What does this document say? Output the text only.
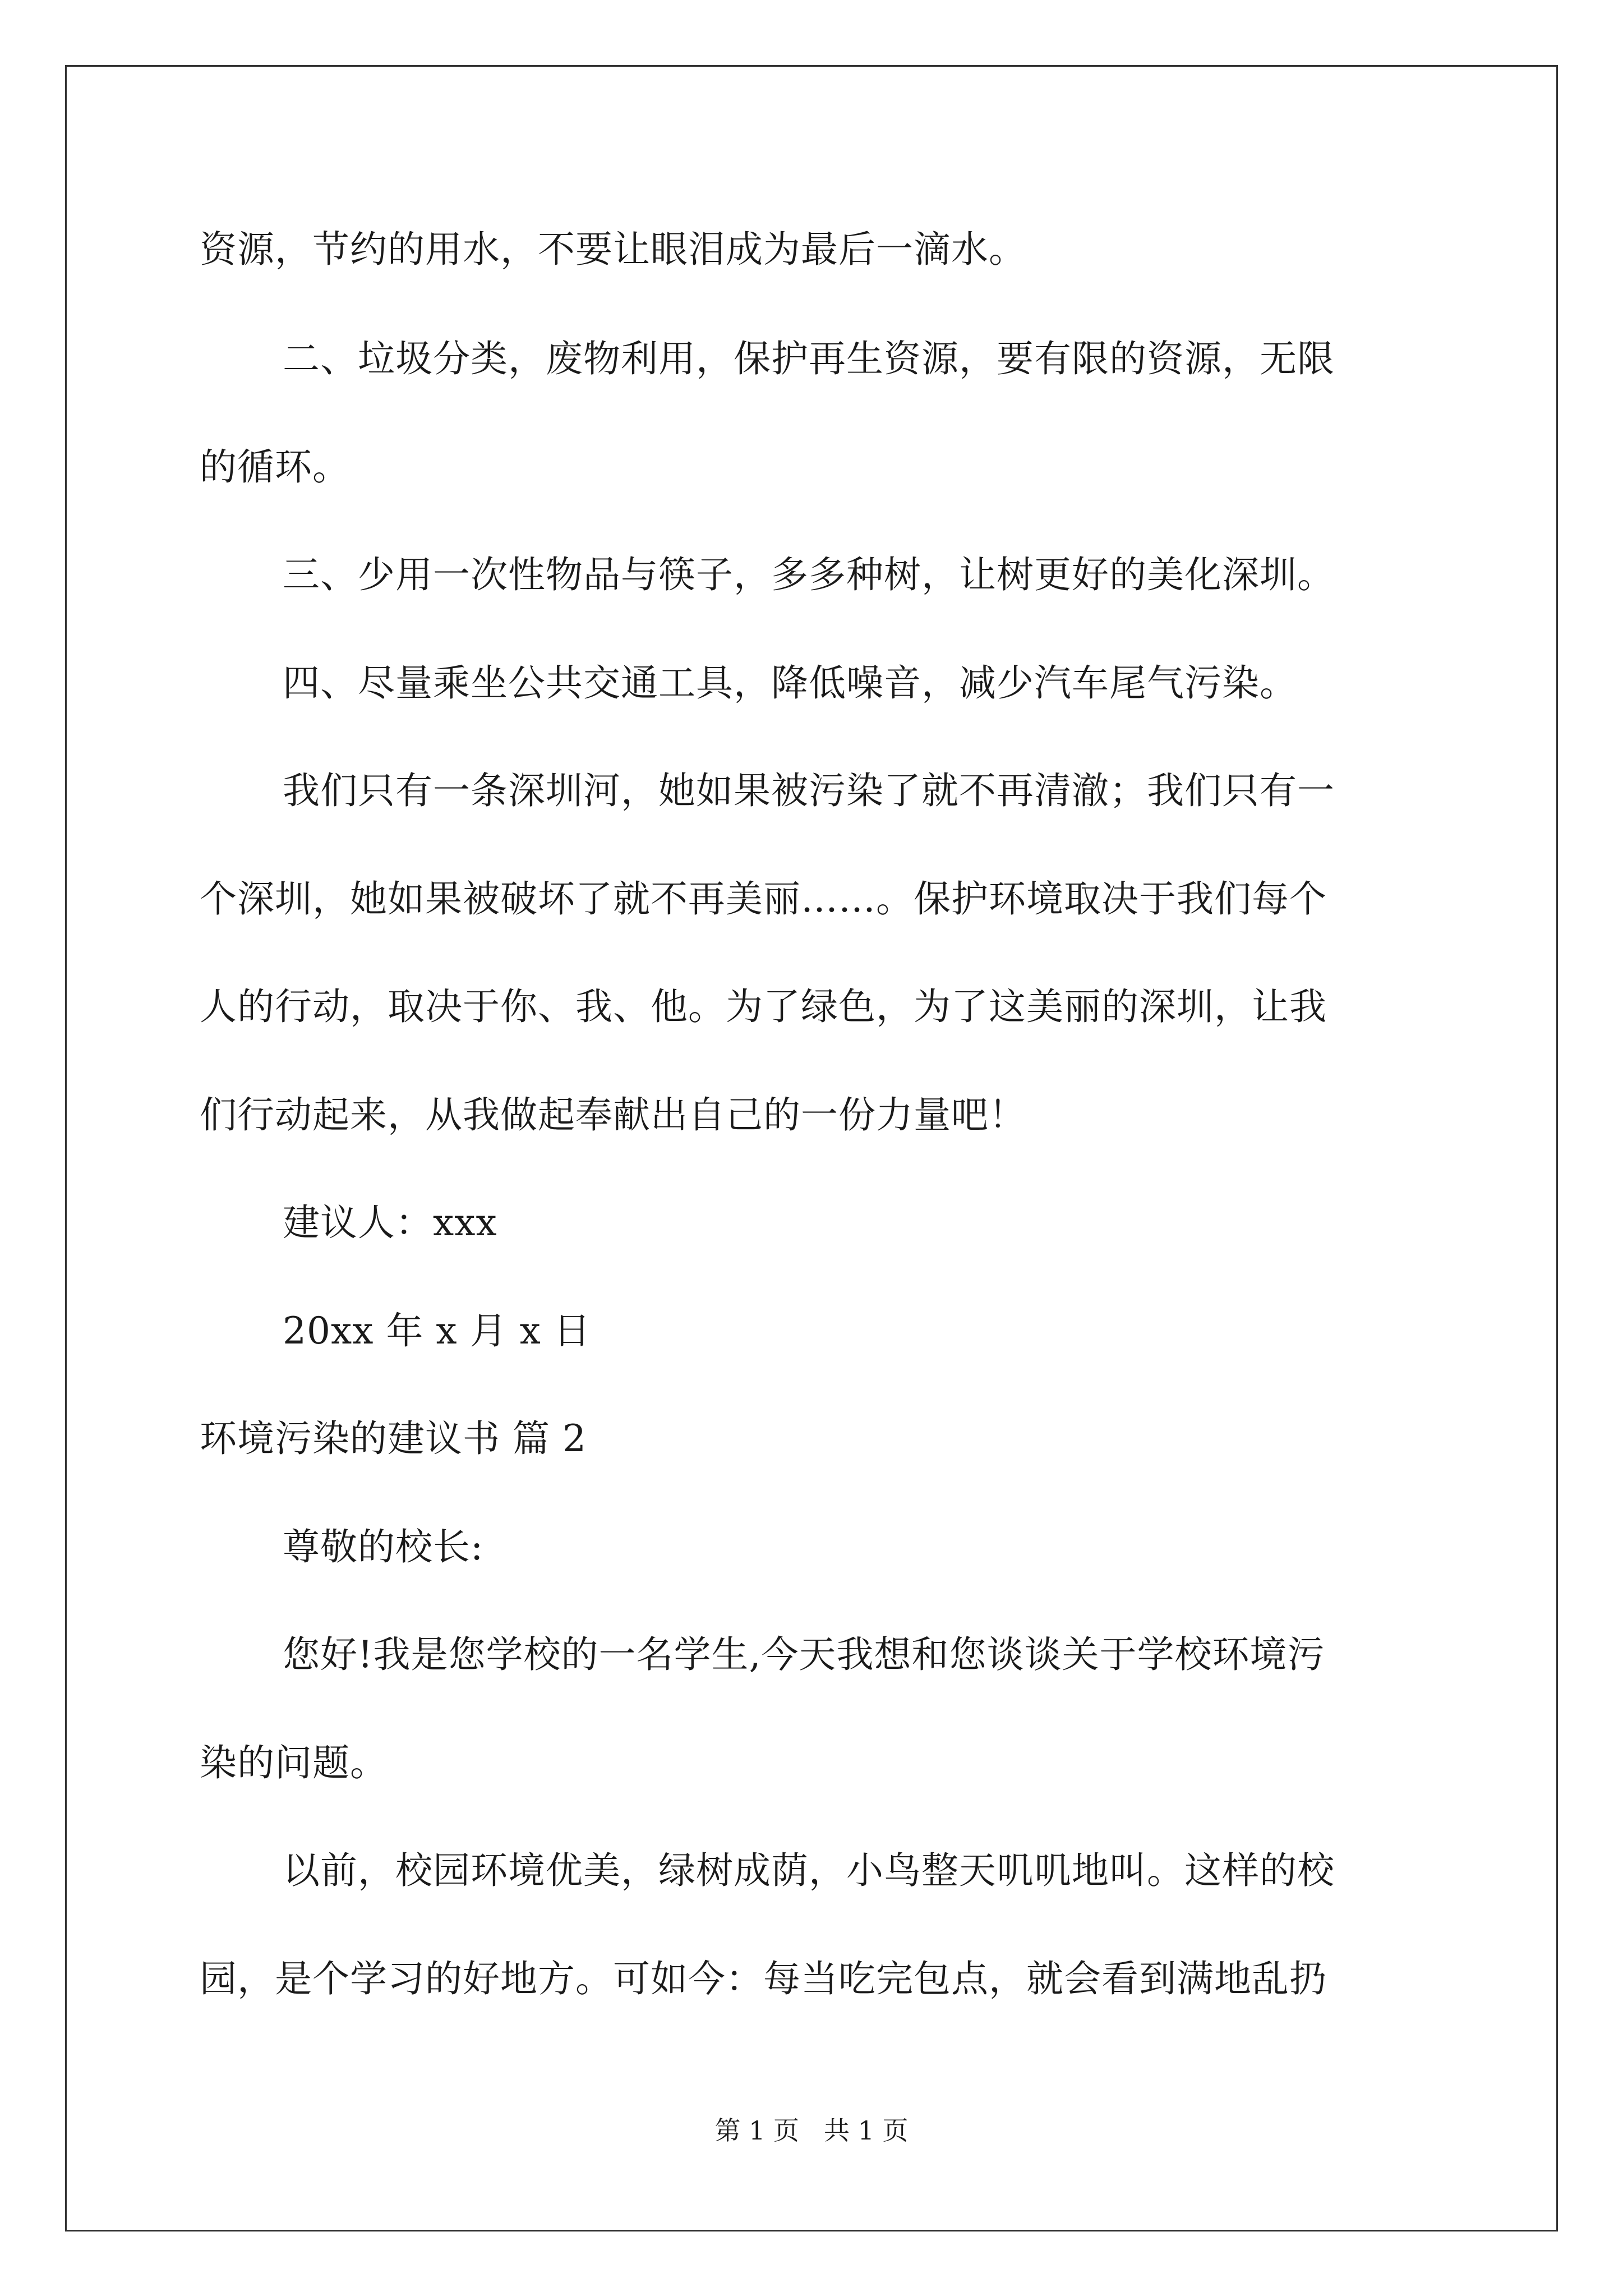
资源，节约的用水，不要让眼泪成为最后一滴水。
二、垃圾分类，废物利用，保护再生资源，要有限的资源，无限
的循环。
三、少用一次性物品与筷子，多多种树，让树更好的美化深圳。
四、尽量乘坐公共交通工具，降低噪音，减少汽车尾气污染。
我们只有一条深圳河，她如果被污染了就不再清澈；我们只有一
个深圳，她如果被破坏了就不再美丽……。保护环境取决于我们每个
人的行动，取决于你、我、他。为了绿色，为了这美丽的深圳，让我
们行动起来，从我做起奉献出自己的一份力量吧！
建议人：xxx
20xx 年 x 月 x 日
环境污染的建议书 篇 2
尊敬的校长:
您好!我是您学校的一名学生,今天我想和您谈谈关于学校环境污
染的问题。
以前，校园环境优美，绿树成荫，小鸟整天叽叽地叫。这样的校
园，是个学习的好地方。可如今：每当吃完包点，就会看到满地乱扔
第 1 页 共 1 页
